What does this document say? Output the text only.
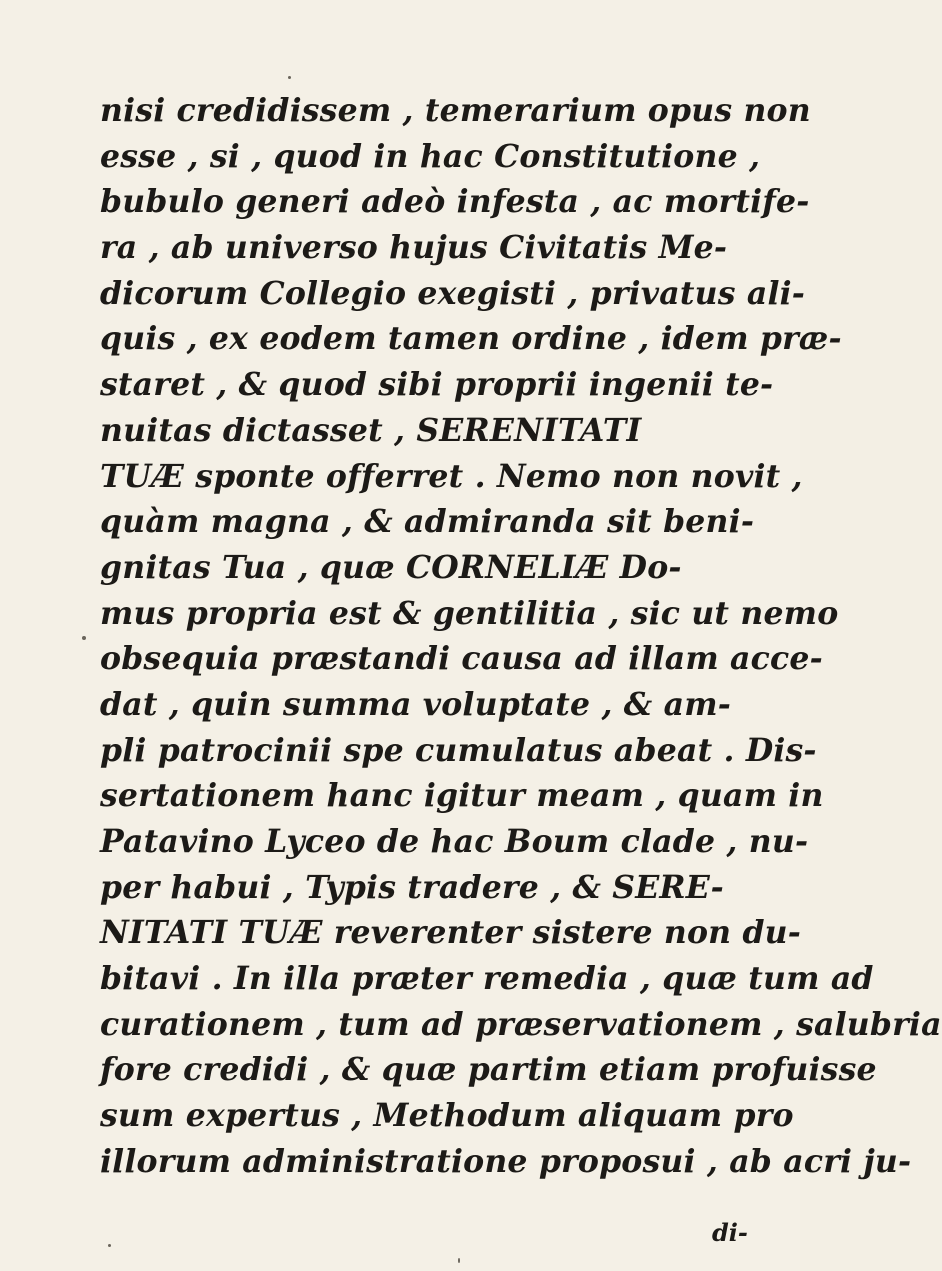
nisi credidissem , temerarium opus non
esse , si , quod in hac Constitutione ,
bubulo generi adeò infesta , ac mortife-
ra , ab universo hujus Civitatis Me-
dicorum Collegio exegisti , privatus ali-
quis , ex eodem tamen ordine , idem præ-
staret , & quod sibi proprii ingenii te-
nuitas dictasset , SERENITATI
TUÆ sponte offerret . Nemo non novit ,
quàm magna , & admiranda sit beni-
gnitas Tua , quæ CORNELIÆ Do-
mus propria est & gentilitia , sic ut nemo
obsequia præstandi causa ad illam acce-
dat , quin summa voluptate , & am-
pli patrocinii spe cumulatus abeat . Dis-
sertationem hanc igitur meam , quam in
Patavino Lyceo de hac Boum clade , nu-
per habui , Typis tradere , & SERE-
NITATI TUÆ reverenter sistere non du-
bitavi . In illa præter remedia , quæ tum ad
curationem , tum ad præservationem , salubria
fore credidi , & quæ partim etiam profuisse
sum expertus , Methodum aliquam pro
illorum administratione proposui , ab acri ju-
di-
